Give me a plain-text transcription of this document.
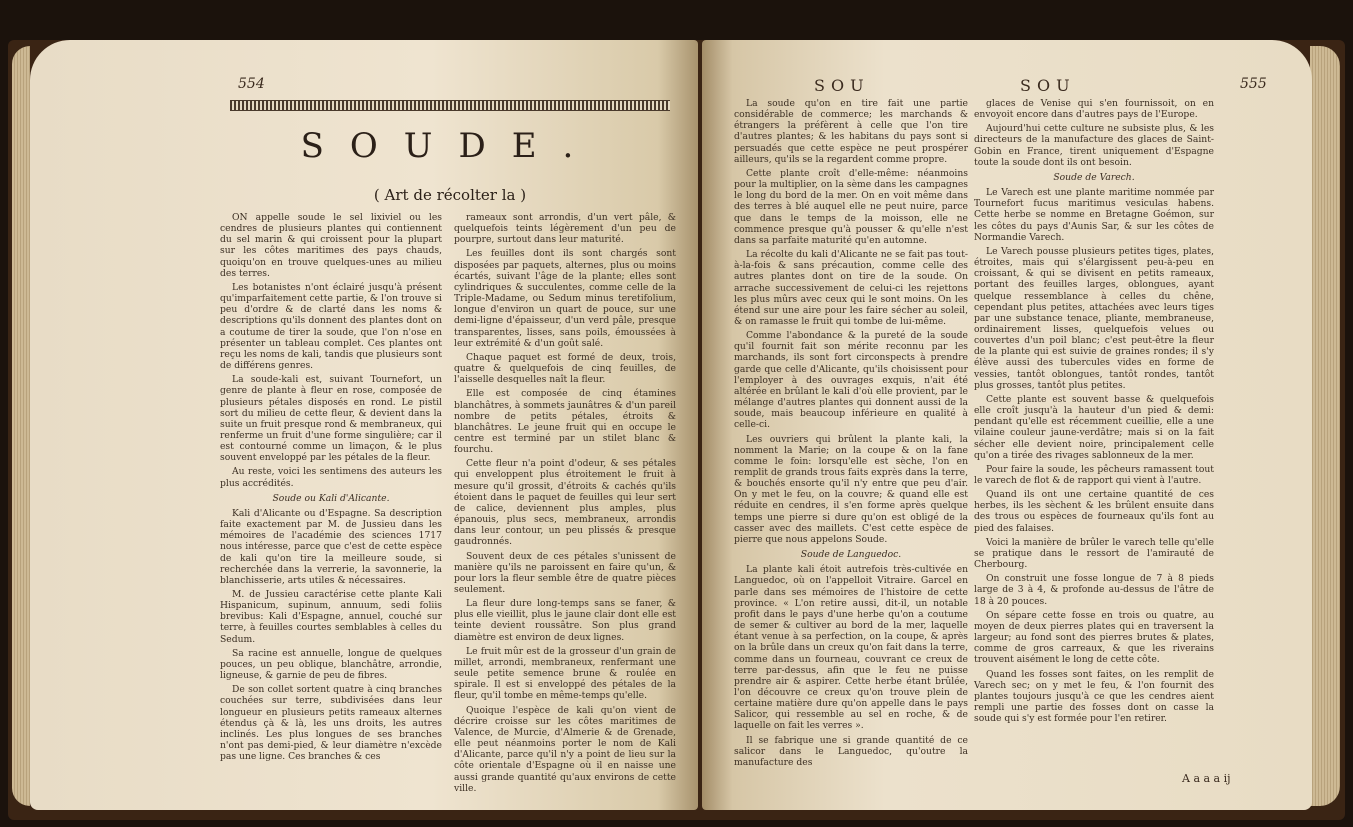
554
SOUDE.
( Art de récolter la )

ON appelle soude le sel lixiviel ou les cendres de plusieurs plantes qui contiennent du sel marin & qui croissent pour la plupart sur les côtes maritimes des pays chauds, quoiqu'on en trouve quelques-unes au milieu des terres.

Les botanistes n'ont éclairé jusqu'à présent qu'imparfaitement cette partie, & l'on trouve si peu d'ordre & de clarté dans les noms & descriptions qu'ils donnent des plantes dont on a coutume de tirer la soude, que l'on n'ose en présenter un tableau complet. Ces plantes ont reçu les noms de kali, tandis que plusieurs sont de différens genres.

La soude-kali est, suivant Tournefort, un genre de plante à fleur en rose, composée de plusieurs pétales disposés en rond. Le pistil sort du milieu de cette fleur, & devient dans la suite un fruit presque rond & membraneux, qui renferme un fruit d'une forme singulière; car il est contourné comme un limaçon, & le plus souvent enveloppé par les pétales de la fleur.

Au reste, voici les sentimens des auteurs les plus accrédités.

Soude ou Kali d'Alicante.

Kali d'Alicante ou d'Espagne. Sa description faite exactement par M. de Jussieu dans les mémoires de l'académie des sciences 1717 nous intéresse, parce que c'est de cette espèce de kali qu'on tire la meilleure soude, si recherchée dans la verrerie, la savonnerie, la blanchisserie, arts utiles & nécessaires.

M. de Jussieu caractérise cette plante Kali Hispanicum, supinum, annuum, sedi foliis brevibus: Kali d'Espagne, annuel, couché sur terre, à feuilles courtes semblables à celles du Sedum.

Sa racine est annuelle, longue de quelques pouces, un peu oblique, blanchâtre, arrondie, ligneuse, & garnie de peu de fibres.

De son collet sortent quatre à cinq branches couchées sur terre, subdivisées dans leur longueur en plusieurs petits rameaux alternes étendus çà & là, les uns droits, les autres inclinés. Les plus longues de ses branches n'ont pas demi-pied, & leur diamètre n'excède pas une ligne. Ces branches & ces

rameaux sont arrondis, d'un vert pâle, & quelquefois teints légèrement d'un peu de pourpre, surtout dans leur maturité.

Les feuilles dont ils sont chargés sont disposées par paquets, alternes, plus ou moins écartés, suivant l'âge de la plante; elles sont cylindriques & succulentes, comme celle de la Triple-Madame, ou Sedum minus teretifolium, longue d'environ un quart de pouce, sur une demi-ligne d'épaisseur, d'un verd pâle, presque transparentes, lisses, sans poils, émoussées à leur extrémité & d'un goût salé.

Chaque paquet est formé de deux, trois, quatre & quelquefois de cinq feuilles, de l'aisselle desquelles naît la fleur.

Elle est composée de cinq étamines blanchâtres, à sommets jaunâtres & d'un pareil nombre de petits pétales, étroits & blanchâtres. Le jeune fruit qui en occupe le centre est terminé par un stilet blanc & fourchu.

Cette fleur n'a point d'odeur, & ses pétales qui enveloppent plus étroitement le fruit à mesure qu'il grossit, d'étroits & cachés qu'ils étoient dans le paquet de feuilles qui leur sert de calice, deviennent plus amples, plus épanouis, plus secs, membraneux, arrondis dans leur contour, un peu plissés & presque gaudronnés.

Souvent deux de ces pétales s'unissent de manière qu'ils ne paroissent en faire qu'un, & pour lors la fleur semble être de quatre pièces seulement.

La fleur dure long-temps sans se faner, & plus elle vieillit, plus le jaune clair dont elle est teinte devient roussâtre. Son plus grand diamètre est environ de deux lignes.

Le fruit mûr est de la grosseur d'un grain de millet, arrondi, membraneux, renfermant une seule petite semence brune & roulée en spirale. Il est si enveloppé des pétales de la fleur, qu'il tombe en même-temps qu'elle.

Quoique l'espèce de kali qu'on vient de décrire croisse sur les côtes maritimes de Valence, de Murcie, d'Almerie & de Grenade, elle peut néanmoins porter le nom de Kali d'Alicante, parce qu'il n'y a point de lieu sur la côte orientale d'Espagne où il en naisse une aussi grande quantité qu'aux environs de cette ville.

SOU	SOU	555

La soude qu'on en tire fait une partie considérable de commerce; les marchands & étrangers la préfèrent à celle que l'on tire d'autres plantes; & les habitans du pays sont si persuadés que cette espèce ne peut prospérer ailleurs, qu'ils se la regardent comme propre.

Cette plante croît d'elle-même: néanmoins pour la multiplier, on la sème dans les campagnes le long du bord de la mer. On en voit même dans des terres à blé auquel elle ne peut nuire, parce que dans le temps de la moisson, elle ne commence presque qu'à pousser & qu'elle n'est dans sa parfaite maturité qu'en automne.

La récolte du kali d'Alicante ne se fait pas tout-à-la-fois & sans précaution, comme celle des autres plantes dont on tire de la soude. On arrache successivement de celui-ci les rejettons les plus mûrs avec ceux qui le sont moins. On les étend sur une aire pour les faire sécher au soleil, & on ramasse le fruit qui tombe de lui-même.

Comme l'abondance & la pureté de la soude qu'il fournit fait son mérite reconnu par les marchands, ils sont fort circonspects à prendre garde que celle d'Alicante, qu'ils choisissent pour l'employer à des ouvrages exquis, n'ait été altérée en brûlant le kali d'où elle provient, par le mélange d'autres plantes qui donnent aussi de la soude, mais beaucoup inférieure en qualité à celle-ci.

Les ouvriers qui brûlent la plante kali, la nomment la Marie; on la coupe & on la fane comme le foin: lorsqu'elle est sèche, l'on en remplit de grands trous faits exprès dans la terre, & bouchés ensorte qu'il n'y entre que peu d'air. On y met le feu, on la couvre; & quand elle est réduite en cendres, il s'en forme après quelque temps une pierre si dure qu'on est obligé de la casser avec des maillets. C'est cette espèce de pierre que nous appelons Soude.

Soude de Languedoc.

La plante kali étoit autrefois très-cultivée en Languedoc, où on l'appelloit Vitraire. Garcel en parle dans ses mémoires de l'histoire de cette province. « L'on retire aussi, dit-il, un notable profit dans le pays d'une herbe qu'on a coutume de semer & cultiver au bord de la mer, laquelle étant venue à sa perfection, on la coupe, & après on la brûle dans un creux qu'on fait dans la terre, comme dans un fourneau, couvrant ce creux de terre par-dessus, afin que le feu ne puisse prendre air & aspirer. Cette herbe étant brûlée, l'on découvre ce creux qu'on trouve plein de certaine matière dure qu'on appelle dans le pays Salicor, qui ressemble au sel en roche, & de laquelle on fait les verres ».

Il se fabrique une si grande quantité de ce salicor dans le Languedoc, qu'outre la manufacture des

glaces de Venise qui s'en fournissoit, on en envoyoit encore dans d'autres pays de l'Europe.

Aujourd'hui cette culture ne subsiste plus, & les directeurs de la manufacture des glaces de Saint-Gobin en France, tirent uniquement d'Espagne toute la soude dont ils ont besoin.

Soude de Varech.

Le Varech est une plante maritime nommée par Tournefort fucus maritimus vesiculas habens. Cette herbe se nomme en Bretagne Goémon, sur les côtes du pays d'Aunis Sar, & sur les côtes de Normandie Varech.

Le Varech pousse plusieurs petites tiges, plates, étroites, mais qui s'élargissent peu-à-peu en croissant, & qui se divisent en petits rameaux, portant des feuilles larges, oblongues, ayant quelque ressemblance à celles du chêne, cependant plus petites, attachées avec leurs tiges par une substance tenace, pliante, membraneuse, ordinairement lisses, quelquefois velues ou couvertes d'un poil blanc; c'est peut-être la fleur de la plante qui est suivie de graines rondes; il s'y élève aussi des tubercules vides en forme de vessies, tantôt oblongues, tantôt rondes, tantôt plus grosses, tantôt plus petites.

Cette plante est souvent basse & quelquefois elle croît jusqu'à la hauteur d'un pied & demi: pendant qu'elle est récemment cueillie, elle a une vilaine couleur jaune-verdâtre; mais si on la fait sécher elle devient noire, principalement celle qu'on a tirée des rivages sablonneux de la mer.

Pour faire la soude, les pêcheurs ramassent tout le varech de flot & de rapport qui vient à l'autre.

Quand ils ont une certaine quantité de ces herbes, ils les sèchent & les brûlent ensuite dans des trous ou espèces de fourneaux qu'ils font au pied des falaises.

Voici la manière de brûler le varech telle qu'elle se pratique dans le ressort de l'amirauté de Cherbourg.

On construit une fosse longue de 7 à 8 pieds large de 3 à 4, & profonde au-dessus de l'âtre de 18 à 20 pouces.

On sépare cette fosse en trois ou quatre, au moyen de deux pierres plates qui en traversent la largeur; au fond sont des pierres brutes & plates, comme de gros carreaux, & que les riverains trouvent aisément le long de cette côte.

Quand les fosses sont faites, on les remplit de Varech sec; on y met le feu, & l'on fournit des plantes toujours jusqu'à ce que les cendres aient rempli une partie des fosses dont on casse la soude qui s'y est formée pour l'en retirer.

A a a a ij
